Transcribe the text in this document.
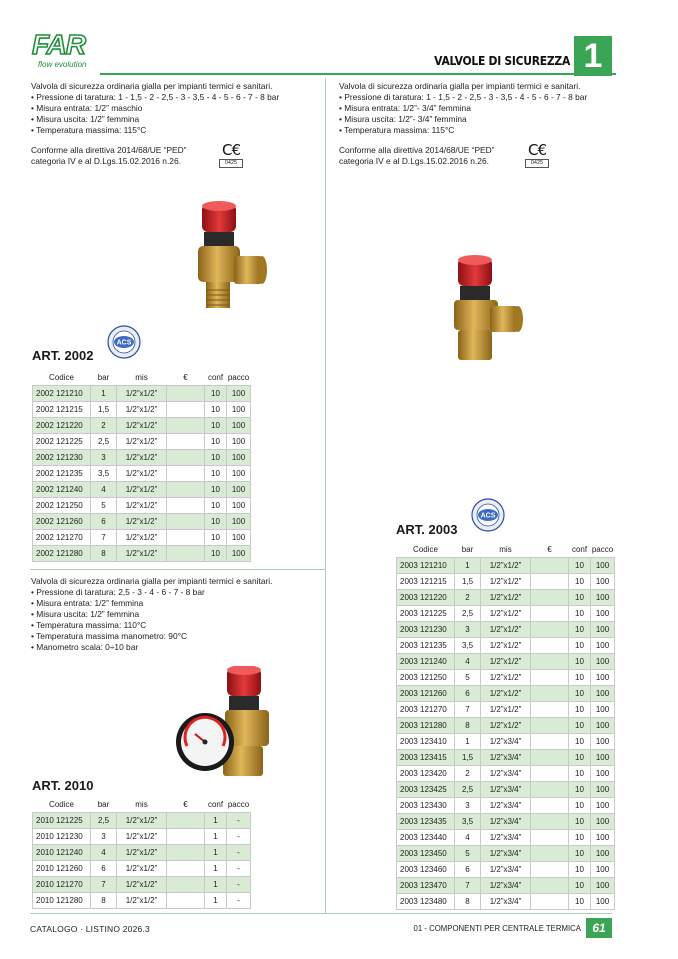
FAR
flow evolution	VALVOLE DI SICUREZZA 1
Valvola di sicurezza ordinaria gialla per impianti termici e sanitari.
• Pressione di taratura: 1 - 1,5 - 2 - 2,5 - 3 - 3,5 - 4 - 5 - 6 - 7 - 8 bar
• Misura entrata: 1/2” maschio
• Misura uscita: 1/2” femmina
• Temperatura massima: 115°C
Conforme alla direttiva 2014/68/UE “PED”
categoria IV e al D.Lgs.15.02.2016 n.26.
C€
0425
Valvola di sicurezza ordinaria gialla per impianti termici e sanitari.
• Pressione di taratura: 1 - 1,5 - 2 - 2,5 - 3 - 3,5 - 4 - 5 - 6 - 7 - 8 bar
• Misura entrata: 1/2”- 3/4” femmina
• Misura uscita: 1/2”- 3/4” femmina
• Temperatura massima: 115°C
Conforme alla direttiva 2014/68/UE “PED”
categoria IV e al D.Lgs.15.02.2016 n.26.
C€
0425
ACS
ACS
ART. 2002
Codice	bar	mis	€	conf	pacco
2002 121210	1	1/2”x1/2”		10	100
2002 121215	1,5	1/2”x1/2”		10	100
2002 121220	2	1/2”x1/2”		10	100
2002 121225	2,5	1/2”x1/2”		10	100
2002 121230	3	1/2”x1/2”		10	100
2002 121235	3,5	1/2”x1/2”		10	100
2002 121240	4	1/2”x1/2”		10	100
2002 121250	5	1/2”x1/2”		10	100
2002 121260	6	1/2”x1/2”		10	100
2002 121270	7	1/2”x1/2”		10	100
2002 121280	8	1/2”x1/2”		10	100
Valvola di sicurezza ordinaria gialla per impianti termici e sanitari.
• Pressione di taratura: 2,5 - 3 - 4 - 6 - 7 - 8 bar
• Misura entrata: 1/2” femmina
• Misura uscita: 1/2” femmina
• Temperatura massima: 110°C
• Temperatura massima manometro: 90°C
• Manometro scala: 0÷10 bar
ART. 2010
Codice	bar	mis	€	conf	pacco
2010 121225	2,5	1/2”x1/2”		1	-
2010 121230	3	1/2”x1/2”		1	-
2010 121240	4	1/2”x1/2”		1	-
2010 121260	6	1/2”x1/2”		1	-
2010 121270	7	1/2”x1/2”		1	-
2010 121280	8	1/2”x1/2”		1	-
ART. 2003
Codice	bar	mis	€	conf	pacco
2003 121210	1	1/2”x1/2”		10	100
2003 121215	1,5	1/2”x1/2”		10	100
2003 121220	2	1/2”x1/2”		10	100
2003 121225	2,5	1/2”x1/2”		10	100
2003 121230	3	1/2”x1/2”		10	100
2003 121235	3,5	1/2”x1/2”		10	100
2003 121240	4	1/2”x1/2”		10	100
2003 121250	5	1/2”x1/2”		10	100
2003 121260	6	1/2”x1/2”		10	100
2003 121270	7	1/2”x1/2”		10	100
2003 121280	8	1/2”x1/2”		10	100
2003 123410	1	1/2”x3/4”		10	100
2003 123415	1,5	1/2”x3/4”		10	100
2003 123420	2	1/2”x3/4”		10	100
2003 123425	2,5	1/2”x3/4”		10	100
2003 123430	3	1/2”x3/4”		10	100
2003 123435	3,5	1/2”x3/4”		10	100
2003 123440	4	1/2”x3/4”		10	100
2003 123450	5	1/2”x3/4”		10	100
2003 123460	6	1/2”x3/4”		10	100
2003 123470	7	1/2”x3/4”		10	100
2003 123480	8	1/2”x3/4”		10	100
CATALOGO · LISTINO 2026.3	01 - COMPONENTI PER CENTRALE TERMICA 61
